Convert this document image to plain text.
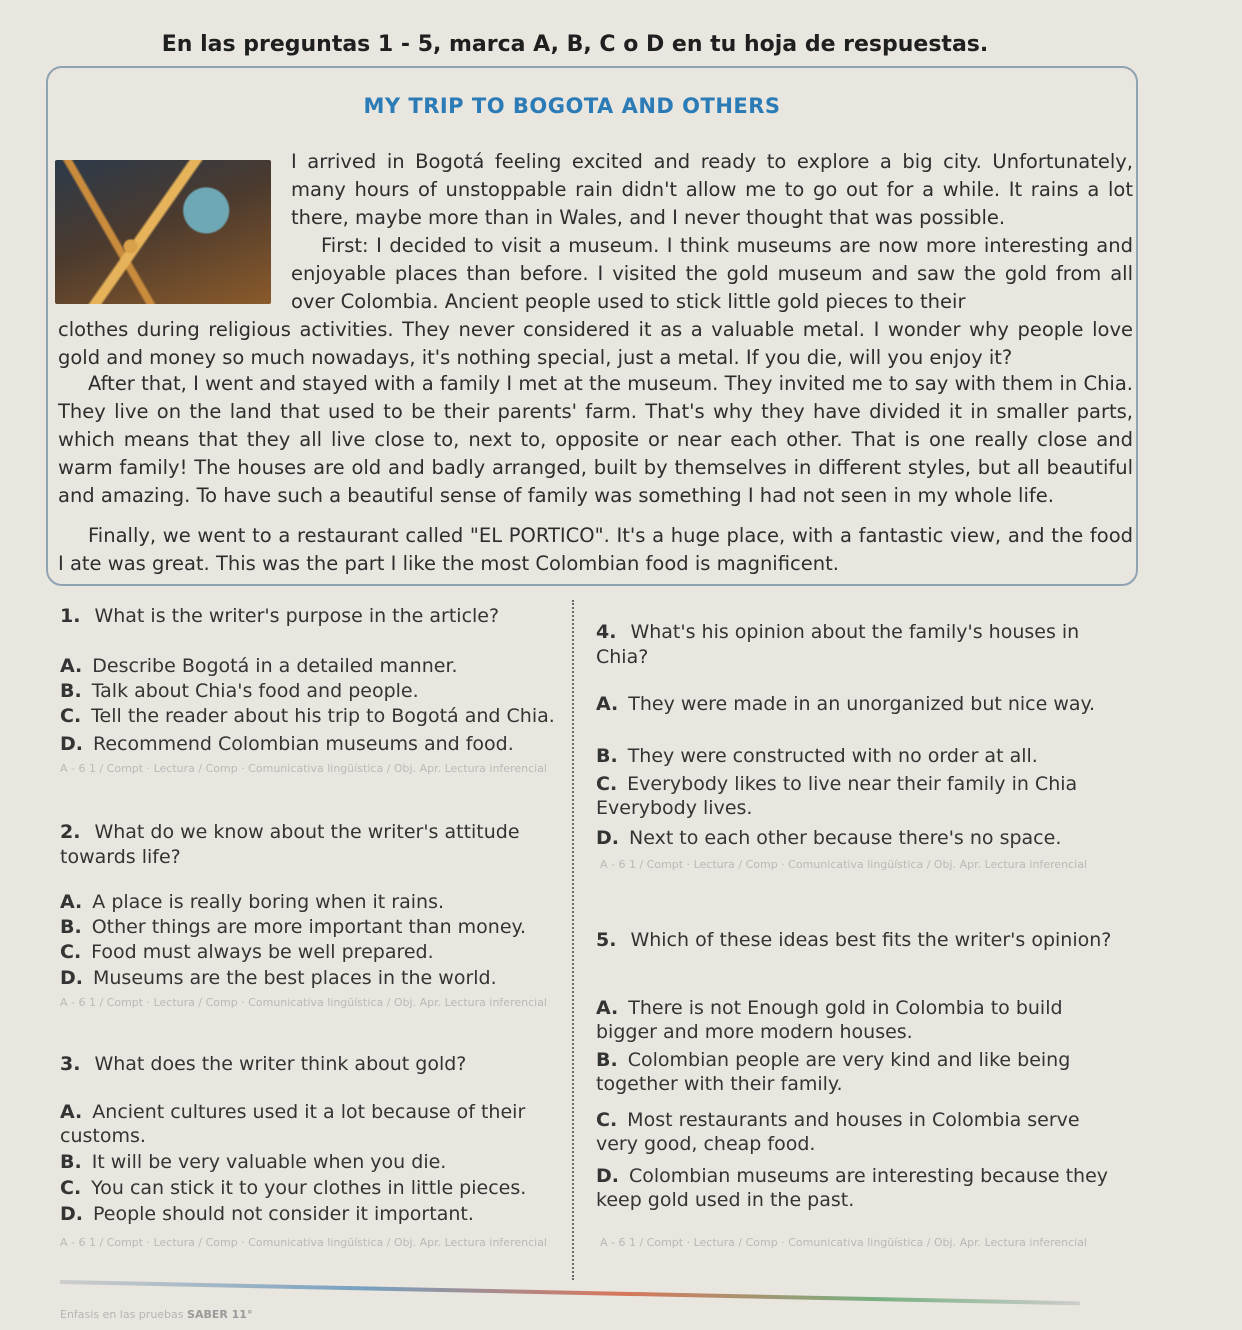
En las preguntas 1 - 5, marca A, B, C o D en tu hoja de respuestas.
MY TRIP TO BOGOTA AND OTHERS
I arrived in Bogotá feeling excited and ready to explore a big city. Unfortunately, many hours of unstoppable rain didn't allow me to go out for a while. It rains a lot there, maybe more than in Wales, and I never thought that was possible.
First: I decided to visit a museum. I think museums are now more interesting and enjoyable places than before. I visited the gold museum and saw the gold from all over Colombia. Ancient people used to stick little gold pieces to their
clothes during religious activities. They never considered it as a valuable metal. I wonder why people love gold and money so much nowadays, it's nothing special, just a metal. If you die, will you enjoy it?
After that, I went and stayed with a family I met at the museum. They invited me to say with them in Chia. They live on the land that used to be their parents' farm. That's why they have divided it in smaller parts, which means that they all live close to, next to, opposite or near each other. That is one really close and warm family! The houses are old and badly arranged, built by themselves in different styles, but all beautiful and amazing. To have such a beautiful sense of family was something I had not seen in my whole life.
Finally, we went to a restaurant called "EL PORTICO". It's a huge place, with a fantastic view, and the food I ate was great. This was the part I like the most Colombian food is magnificent.
1. What is the writer's purpose in the article?
A. Describe Bogotá in a detailed manner.
B. Talk about Chia's food and people.
C. Tell the reader about his trip to Bogotá and Chia.
D. Recommend Colombian museums and food.
A - 6 1 / Compt · Lectura / Comp · Comunicativa lingüística / Obj. Apr. Lectura inferencial
2. What do we know about the writer's attitude towards life?
A. A place is really boring when it rains.
B. Other things are more important than money.
C. Food must always be well prepared.
D. Museums are the best places in the world.
A - 6 1 / Compt · Lectura / Comp · Comunicativa lingüística / Obj. Apr. Lectura inferencial
3. What does the writer think about gold?
A. Ancient cultures used it a lot because of their customs.
B. It will be very valuable when you die.
C. You can stick it to your clothes in little pieces.
D. People should not consider it important.
A - 6 1 / Compt · Lectura / Comp · Comunicativa lingüística / Obj. Apr. Lectura inferencial
4. What's his opinion about the family's houses in Chia?
A. They were made in an unorganized but nice way.
B. They were constructed with no order at all.
C. Everybody likes to live near their family in Chia Everybody lives.
D. Next to each other because there's no space.
A - 6 1 / Compt · Lectura / Comp · Comunicativa lingüística / Obj. Apr. Lectura inferencial
5. Which of these ideas best fits the writer's opinion?
A. There is not Enough gold in Colombia to build bigger and more modern houses.
B. Colombian people are very kind and like being together with their family.
C. Most restaurants and houses in Colombia serve very good, cheap food.
D. Colombian museums are interesting because they keep gold used in the past.
A - 6 1 / Compt · Lectura / Comp · Comunicativa lingüística / Obj. Apr. Lectura inferencial
Enfasis en las pruebas SABER 11°
